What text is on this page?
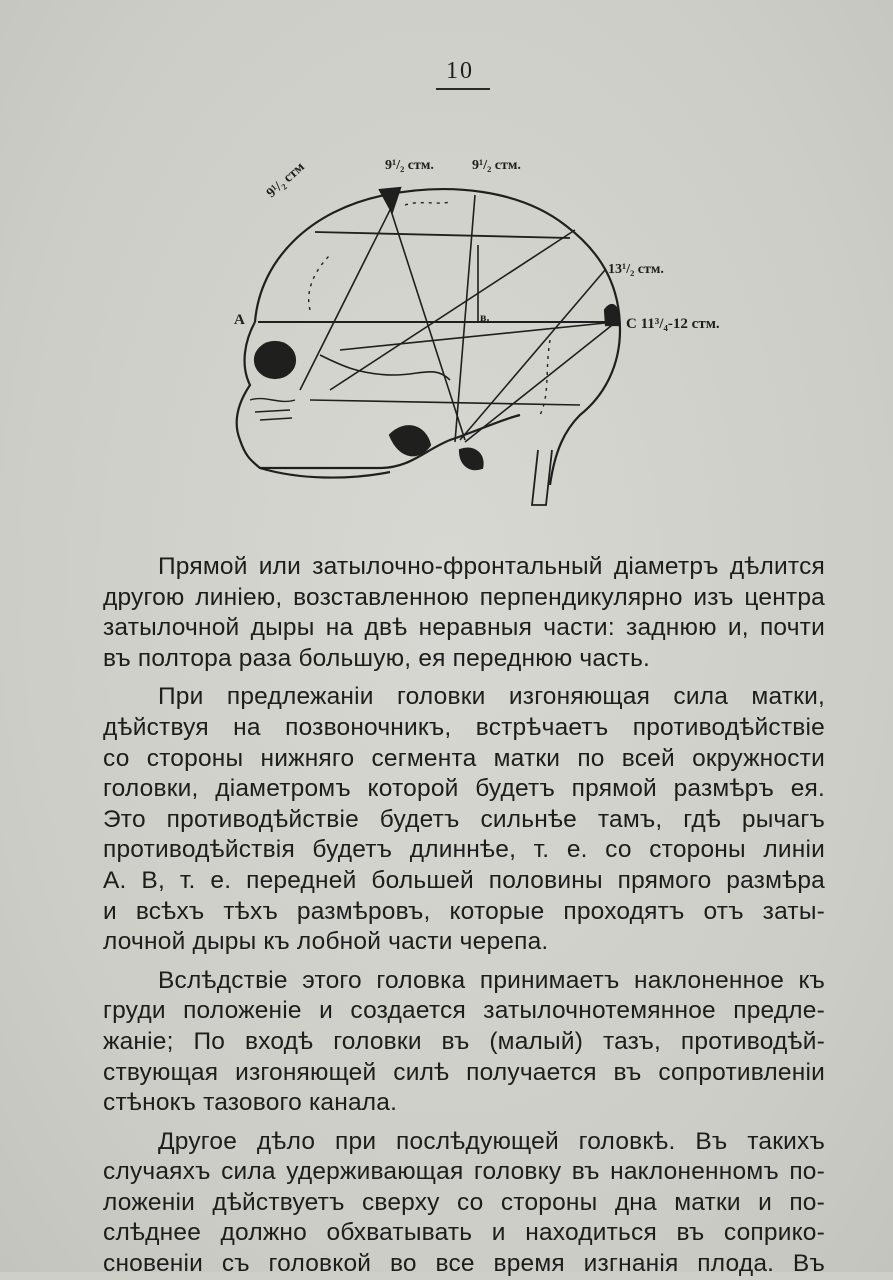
10
9¹/₂ стм.	9¹/₂ стм.
9¹/₂ стм
13¹/₂ стм.
С 11³/₄-12 стм.
А	в.
Прямой или затылочно-фронтальный діаметръ дѣлится
другою линіею, возставленною перпендикулярно изъ центра
затылочной дыры на двѣ неравныя части: заднюю и, почти
въ полтора раза большую, ея переднюю часть.
При предлежаніи головки изгоняющая сила матки,
дѣйствуя на позвоночникъ, встрѣчаетъ противодѣйствіе
со стороны нижняго сегмента матки по всей окружности
головки, діаметромъ которой будетъ прямой размѣръ ея.
Это противодѣйствіе будетъ сильнѣе тамъ, гдѣ рычагъ
противодѣйствія будетъ длиннѣе, т. е. со стороны линіи
А. В, т. е. передней большей половины прямого размѣра
и всѣхъ тѣхъ размѣровъ, которые проходятъ отъ заты-
лочной дыры къ лобной части черепа.
Вслѣдствіе этого головка принимаетъ наклоненное къ
груди положеніе и создается затылочнотемянное предле-
жаніе; По входѣ головки въ (малый) тазъ, противодѣй-
ствующая изгоняющей силѣ получается въ сопротивленіи
стѣнокъ тазового канала.
Другое дѣло при послѣдующей головкѣ. Въ такихъ
случаяхъ сила удерживающая головку въ наклоненномъ по-
ложеніи дѣйствуетъ сверху со стороны дна матки и по-
слѣднее должно обхватывать и находиться въ соприко-
сновеніи съ головкой во все время изгнанія плода. Въ
